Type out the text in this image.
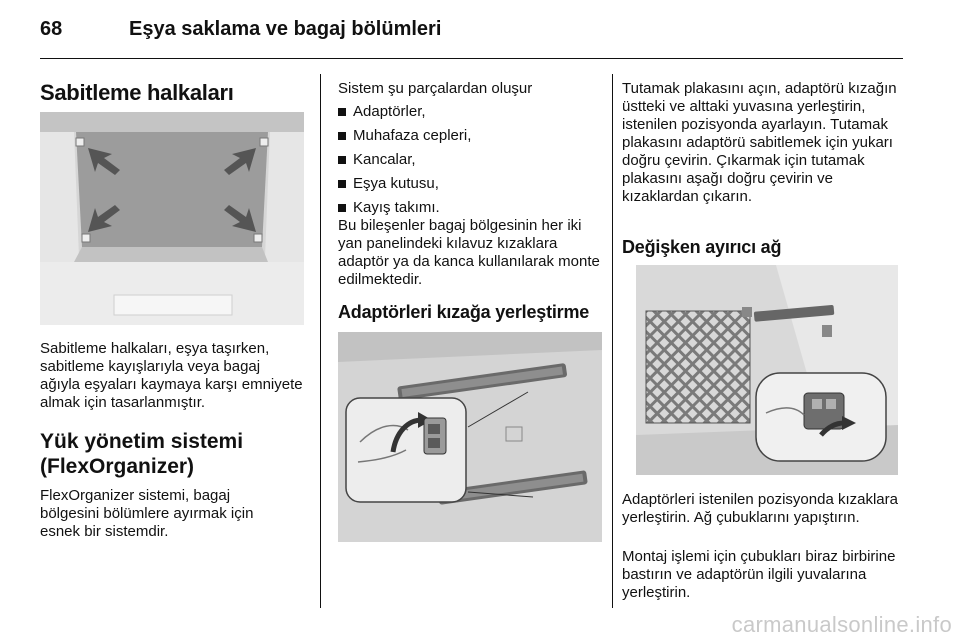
68	Eşya saklama ve bagaj bölümleri
Sabitleme halkaları

Sabitleme halkaları, eşya taşırken, sabitleme kayışlarıyla veya bagaj ağıyla eşyaları kaymaya karşı emniyete almak için tasarlanmıştır.

Yük yönetim sistemi
(FlexOrganizer)

FlexOrganizer sistemi, bagaj bölgesini bölümlere ayırmak için esnek bir sistemdir.

Sistem şu parçalardan oluşur

Adaptörler,
Muhafaza cepleri,
Kancalar,
Eşya kutusu,
Kayış takımı.

Bu bileşenler bagaj bölgesinin her iki yan panelindeki kılavuz kızaklara adaptör ya da kanca kullanılarak monte edilmektedir.

Adaptörleri kızağa yerleştirme

Tutamak plakasını açın, adaptörü kızağın üstteki ve alttaki yuvasına yerleştirin, istenilen pozisyonda ayarlayın. Tutamak plakasını adaptörü sabitlemek için yukarı doğru çevirin. Çıkarmak için tutamak plakasını aşağı doğru çevirin ve kızaklardan çıkarın.

Değişken ayırıcı ağ

Adaptörleri istenilen pozisyonda kızaklara yerleştirin. Ağ çubuklarını yapıştırın.

Montaj işlemi için çubukları biraz birbirine bastırın ve adaptörün ilgili yuvalarına yerleştirin.

carmanualsonline.info
